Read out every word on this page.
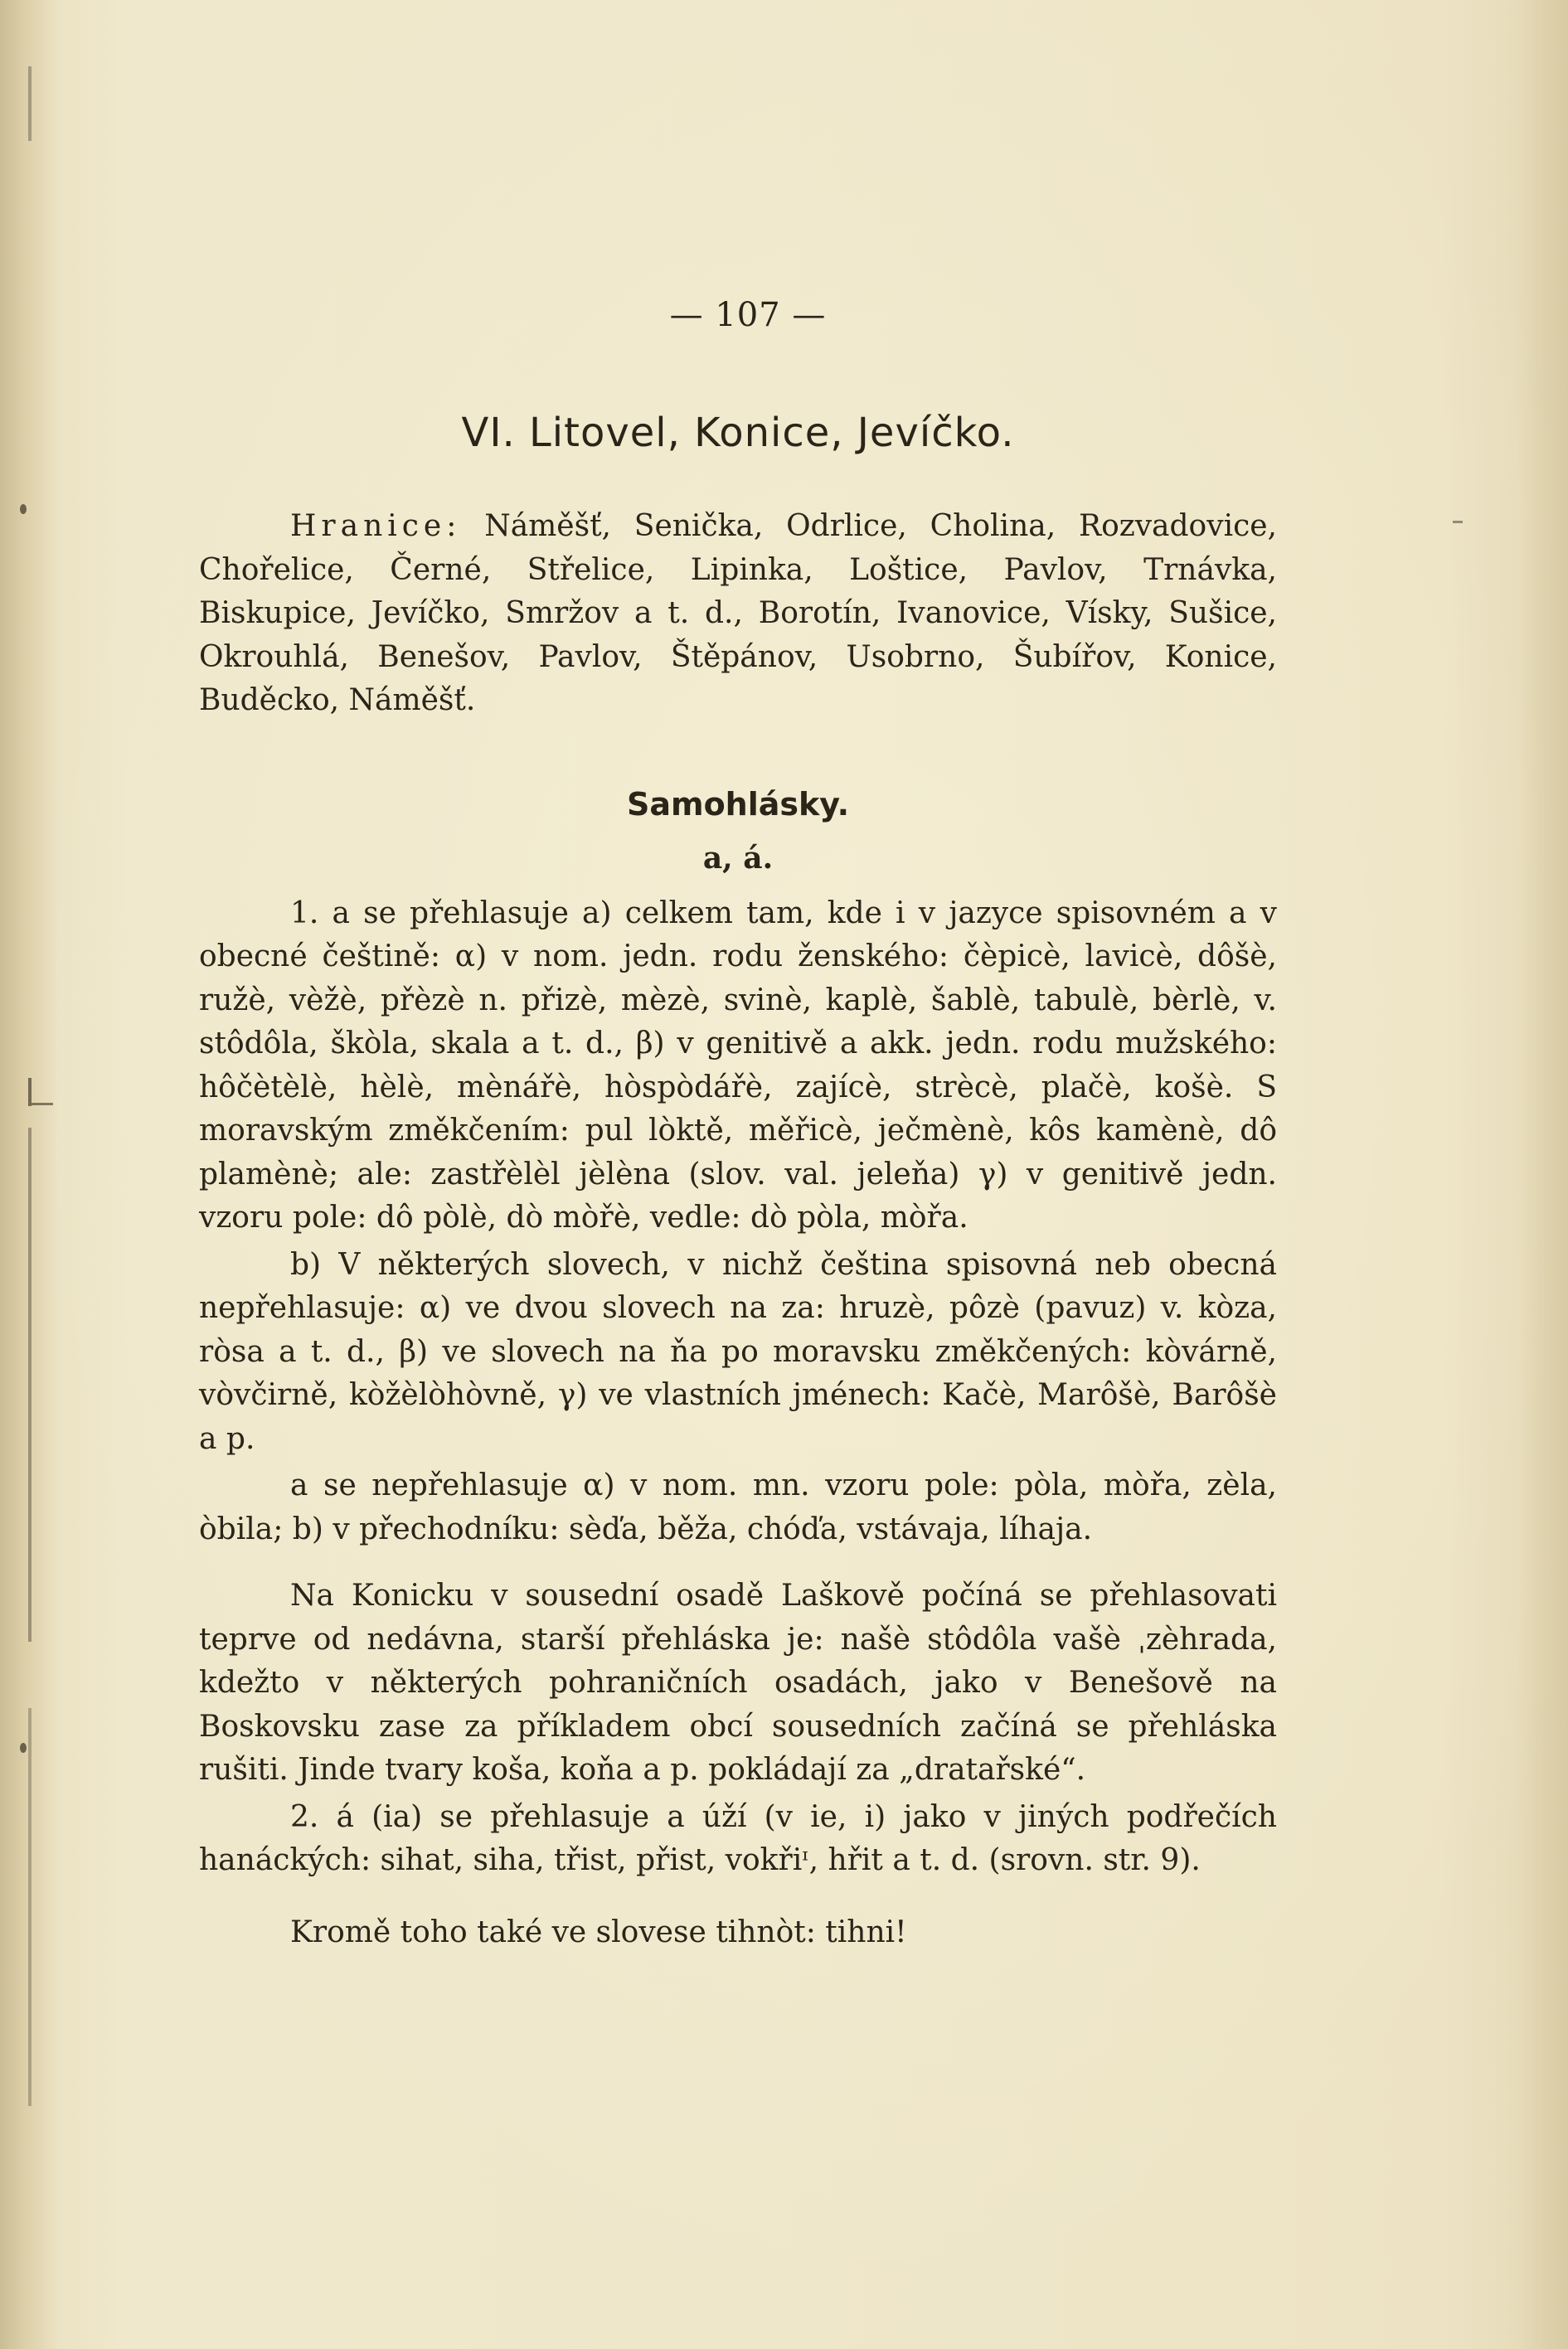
— 107 —
VI. Litovel, Konice, Jevíčko.

Hranice: Náměšť, Senička, Odrlice, Cholina, Rozvadovice, Chořelice, Černé, Střelice, Lipinka, Loštice, Pavlov, Trnávka, Biskupice, Jevíčko, Smržov a t. d., Borotín, Ivanovice, Vísky, Sušice, Okrouhlá, Benešov, Pavlov, Štěpánov, Usobrno, Šubířov, Konice, Buděcko, Náměšť.

Samohlásky.
a, á.

1. a se přehlasuje a) celkem tam, kde i v jazyce spisovném a v obecné češtině: α) v nom. jedn. rodu ženského: čèpicè, lavicè, dôšè, ružè, vèžè, přèzè n. přizè, mèzè, svinè, kaplè, šablè, tabulè, bèrlè, v. stôdôla, škòla, skala a t. d., β) v genitivě a akk. jedn. rodu mužského: hôčètèlè, hèlè, mènářè, hòspòdářè, zajícè, strècè, plačè, košè. S moravským změkčením: pul lòktě, měřicè, ječmènè, kôs kamènè, dô plamènè; ale: zastřèlèl jèlèna (slov. val. jeleňa) γ) v genitivě jedn. vzoru pole: dô pòlè, dò mòřè, vedle: dò pòla, mòřa.

b) V některých slovech, v nichž čeština spisovná neb obecná nepřehlasuje: α) ve dvou slovech na za: hruzè, pôzè (pavuz) v. kòza, ròsa a t. d., β) ve slovech na ňa po moravsku změkčených: kòvárně, vòvčirně, kòžèlòhòvně, γ) ve vlastních jménech: Kačè, Marôšè, Barôšè a p.

a se nepřehlasuje α) v nom. mn. vzoru pole: pòla, mòřa, zèla, òbila; b) v přechodníku: sèďa, běža, chóďa, vstávaja, líhaja.

Na Konicku v sousední osadě Laškově počíná se přehlasovati teprve od nedávna, starší přehláska je: našè stôdôla vašè ˌzèhrada, kdežto v některých pohraničních osadách, jako v Benešově na Boskovsku zase za příkladem obcí sousedních začíná se přehláska rušiti. Jinde tvary koša, koňa a p. pokládají za „dratařské“.

2. á (ia) se přehlasuje a úží (v ie, i) jako v jiných podřečích hanáckých: sihat, siha, třist, přist, vokřiᶦ, hřit a t. d. (srovn. str. 9).

Kromě toho také ve slovese tihnòt: tihni!
